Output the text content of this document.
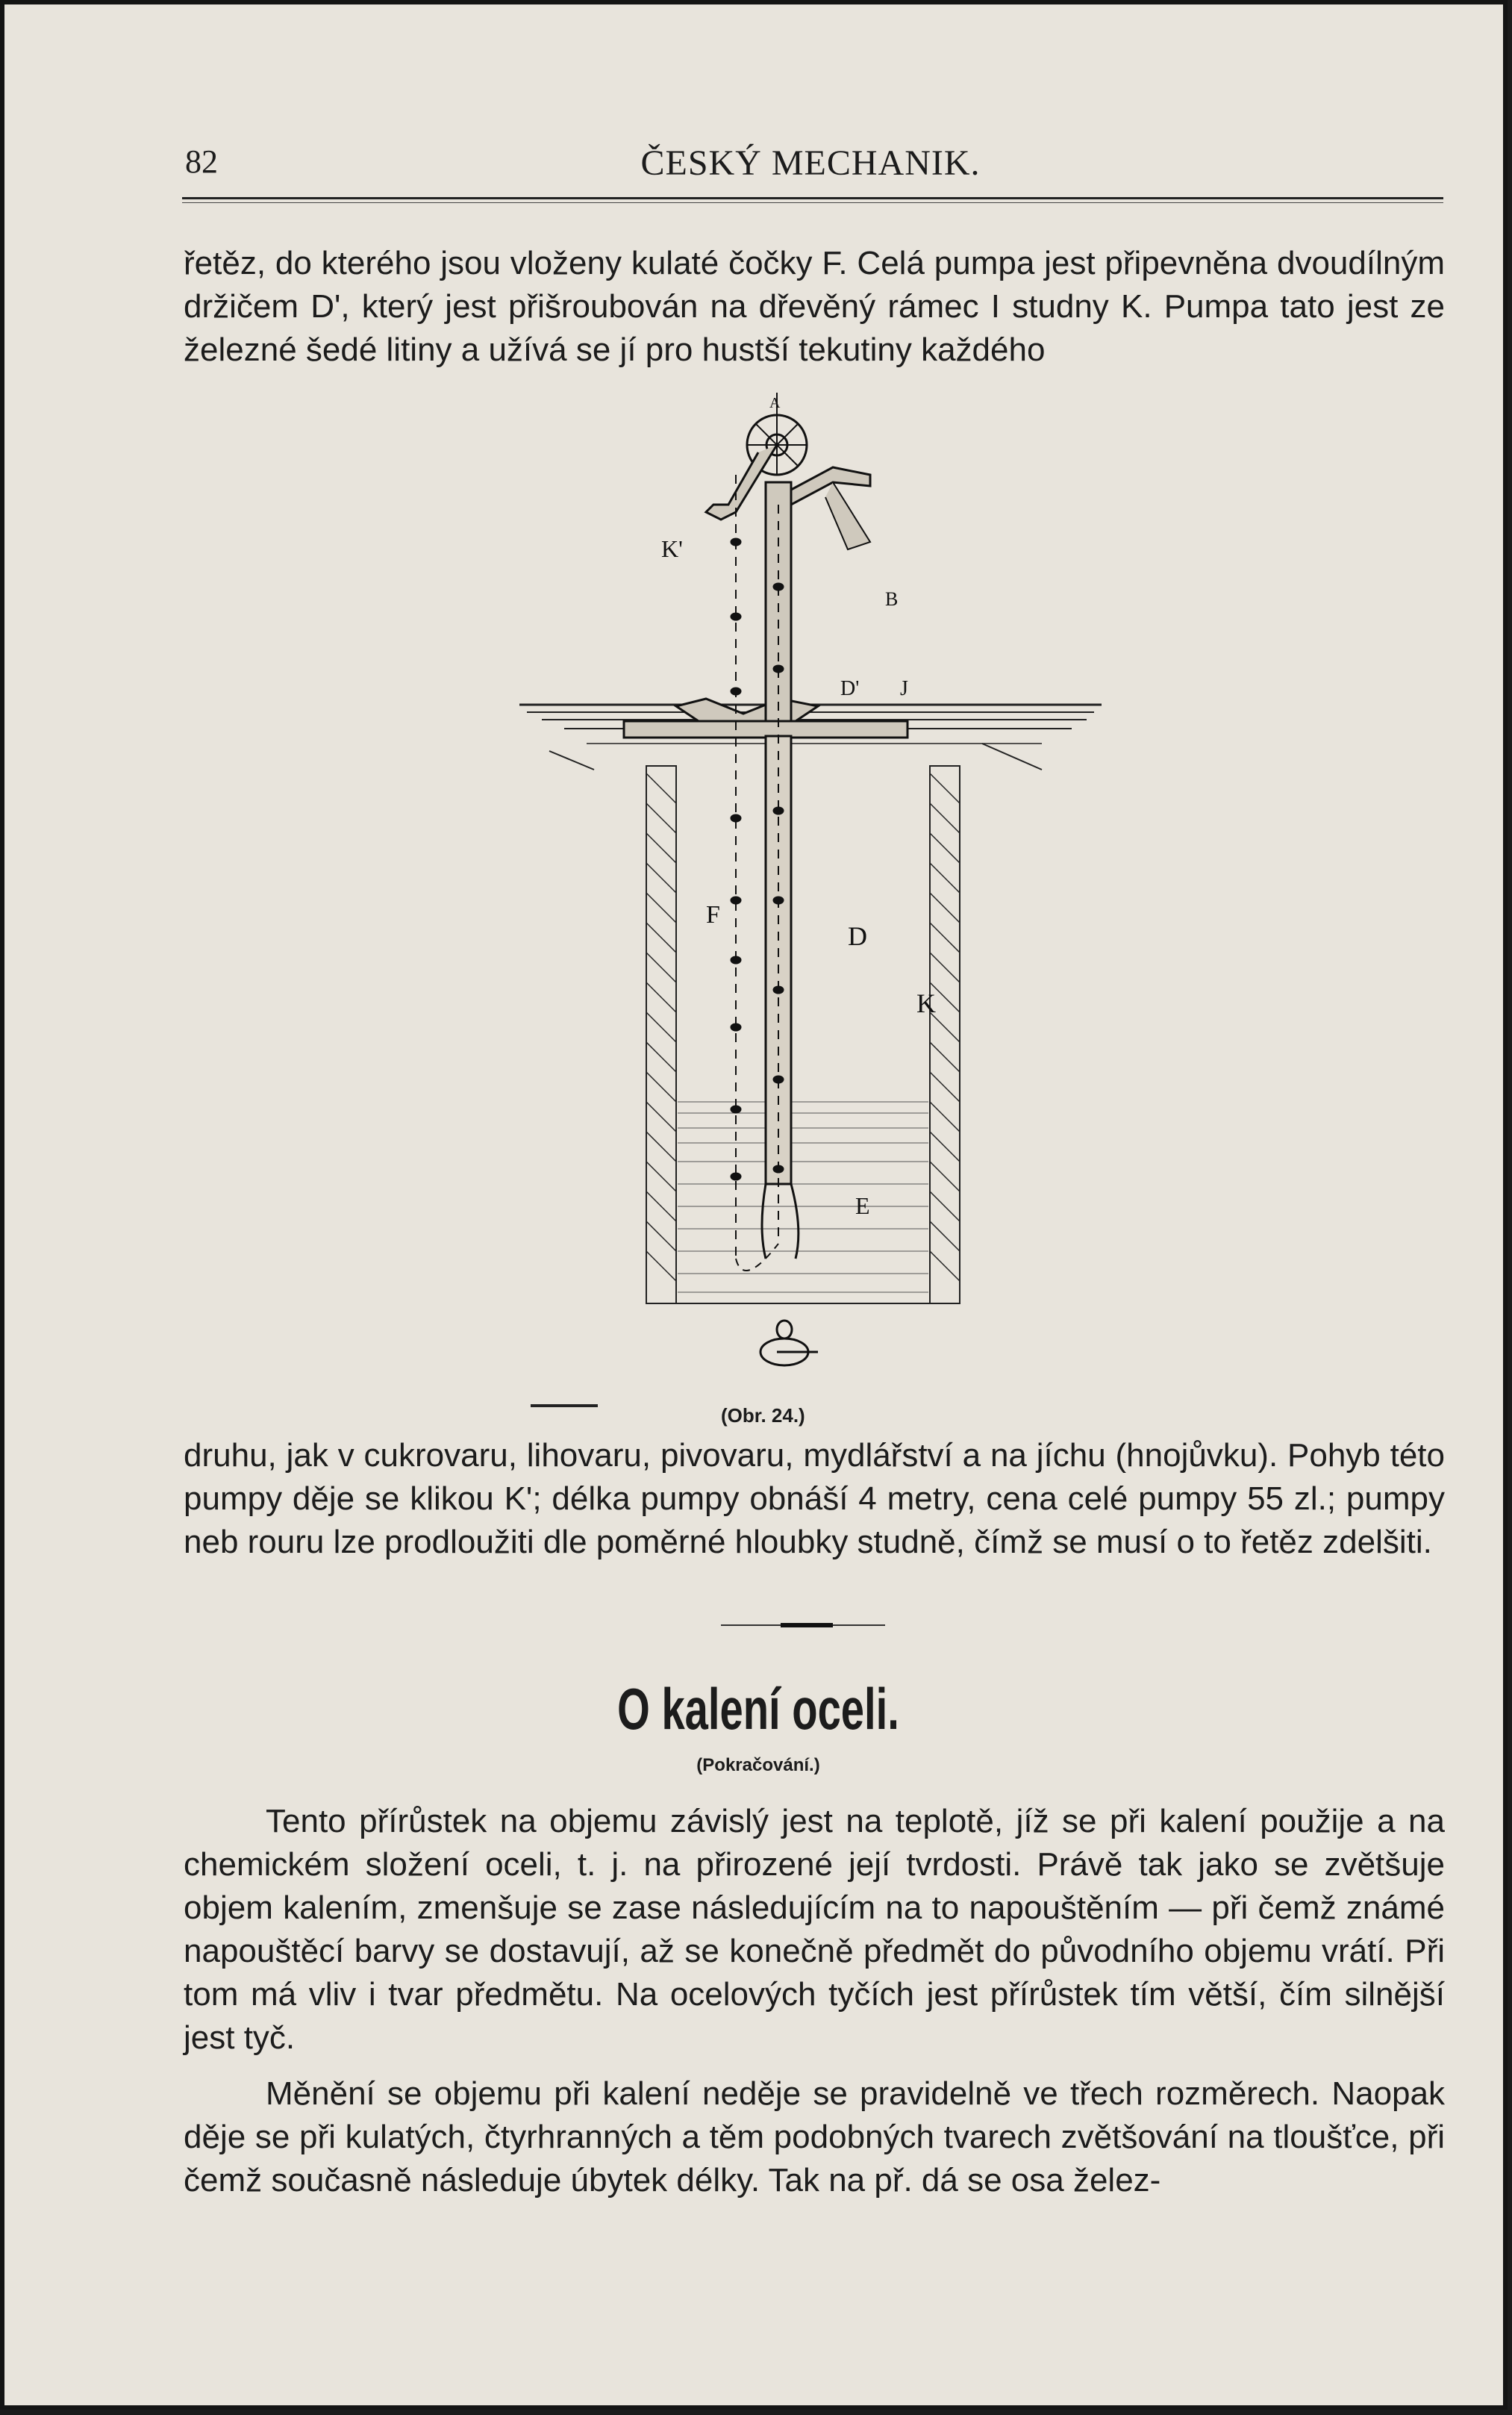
82	ČESKÝ MECHANIK.
řetěz, do kterého jsou vloženy kulaté čočky F. Celá pumpa jest připevněna dvoudílným držičem D', který jest přišroubován na dřevěný rámec I studny K. Pumpa tato jest ze železné šedé litiny a užívá se jí pro hustší tekutiny každého
A
K'
B
D' J
F
D
K
E
(Obr. 24.)
druhu, jak v cukrovaru, lihovaru, pivovaru, mydlářství a na jíchu (hnojůvku). Pohyb této pumpy děje se klikou K'; délka pumpy obnáší 4 metry, cena celé pumpy 55 zl.; pumpy neb rouru lze prodloužiti dle poměrné hloubky studně, čímž se musí o to řetěz zdelšiti.
O kalení oceli.
(Pokračování.)
Tento přírůstek na objemu závislý jest na teplotě, jíž se při kalení použije a na chemickém složení oceli, t. j. na přirozené její tvrdosti. Právě tak jako se zvětšuje objem kalením, zmenšuje se zase následujícím na to napouštěním — při čemž známé napouštěcí barvy se dostavují, až se konečně předmět do původního objemu vrátí. Při tom má vliv i tvar předmětu. Na ocelových tyčích jest přírůstek tím větší, čím silnější jest tyč.
Měnění se objemu při kalení neděje se pravidelně ve třech rozměrech. Naopak děje se při kulatých, čtyrhranných a těm podobných tvarech zvětšování na tloušťce, při čemž současně následuje úbytek délky. Tak na př. dá se osa želez-
